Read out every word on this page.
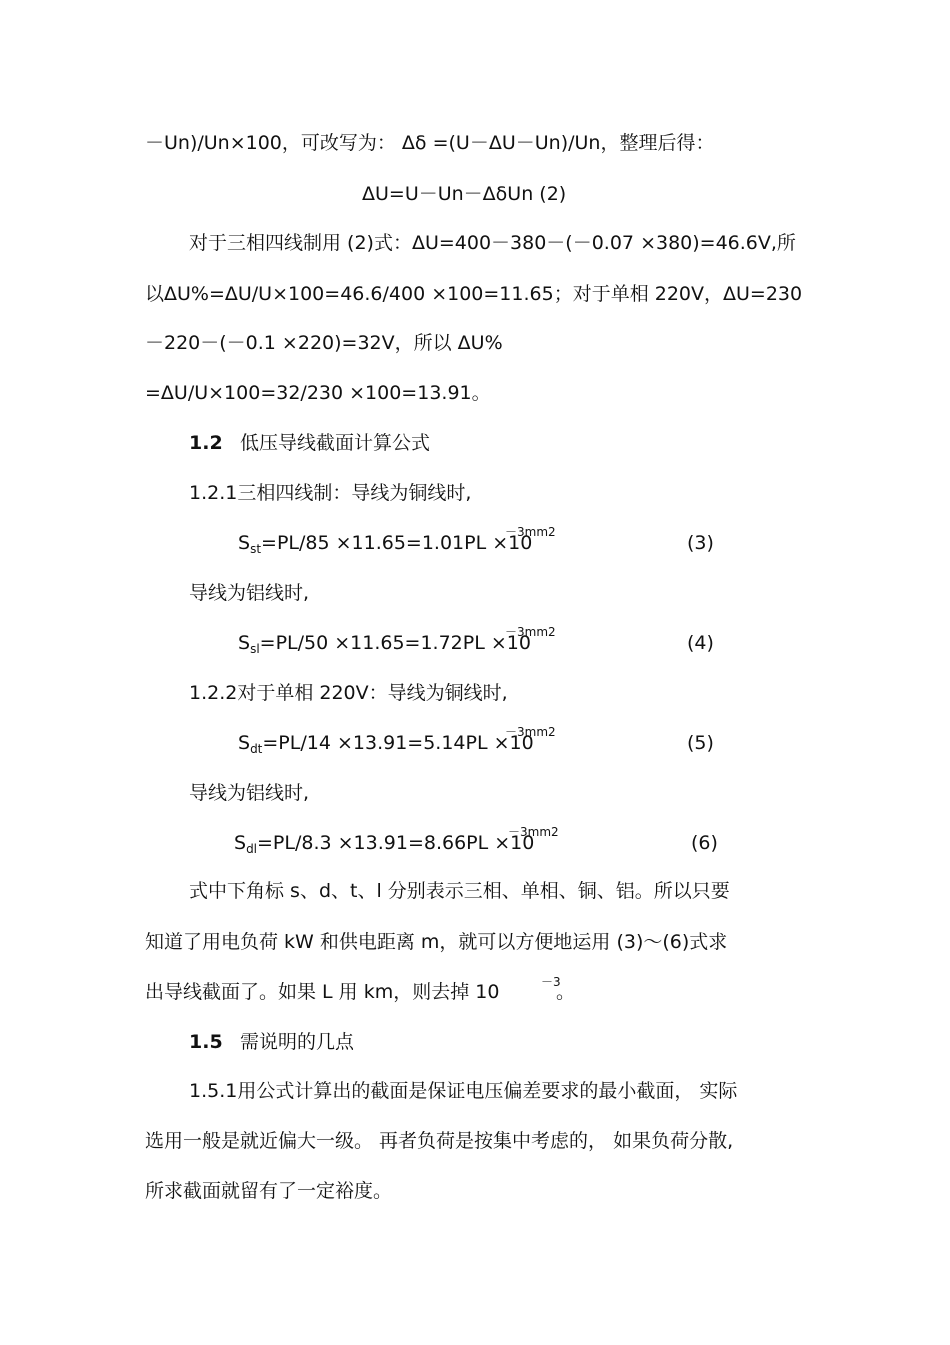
－Un)/Un×100，可改写为： Δδ =(U－ΔU－Un)/Un，整理后得：
ΔU=U－Un－ΔδUn (2)
对于三相四线制用 (2)式：ΔU=400－380－(－0.07 ×380)=46.6V,所
以ΔU%=ΔU/U×100=46.6/400 ×100=11.65；对于单相 220V，ΔU=230
－220－(－0.1 ×220)=32V，所以 ΔU%
=ΔU/U×100=32/230 ×100=13.91。
1.2 低压导线截面计算公式
1.2.1三相四线制：导线为铜线时,
$S_{st}=PL/85 \times 11.65=1.01PL \times 10$
－3mm2	(3)
导线为铝线时,
$S_{sl}=PL/50 \times 11.65=1.72PL \times 10$
－3mm2	(4)
1.2.2对于单相 220V：导线为铜线时,
$S_{dt}=PL/14 \times 13.91=5.14PL \times 10$
－3mm2	(5)
导线为铝线时,
$S_{dl}=PL/8.3 \times 13.91=8.66PL \times 10$
－3mm2	(6)
式中下角标 s、d、t、l 分别表示三相、单相、铜、铝。所以只要
知道了用电负荷 kW 和供电距离 m，就可以方便地运用 (3)～(6)式求
出导线截面了。如果 L 用 km，则去掉 10	－3
。
1.5 需说明的几点
1.5.1用公式计算出的截面是保证电压偏差要求的最小截面， 实际
选用一般是就近偏大一级。 再者负荷是按集中考虑的， 如果负荷分散,
所求截面就留有了一定裕度。
